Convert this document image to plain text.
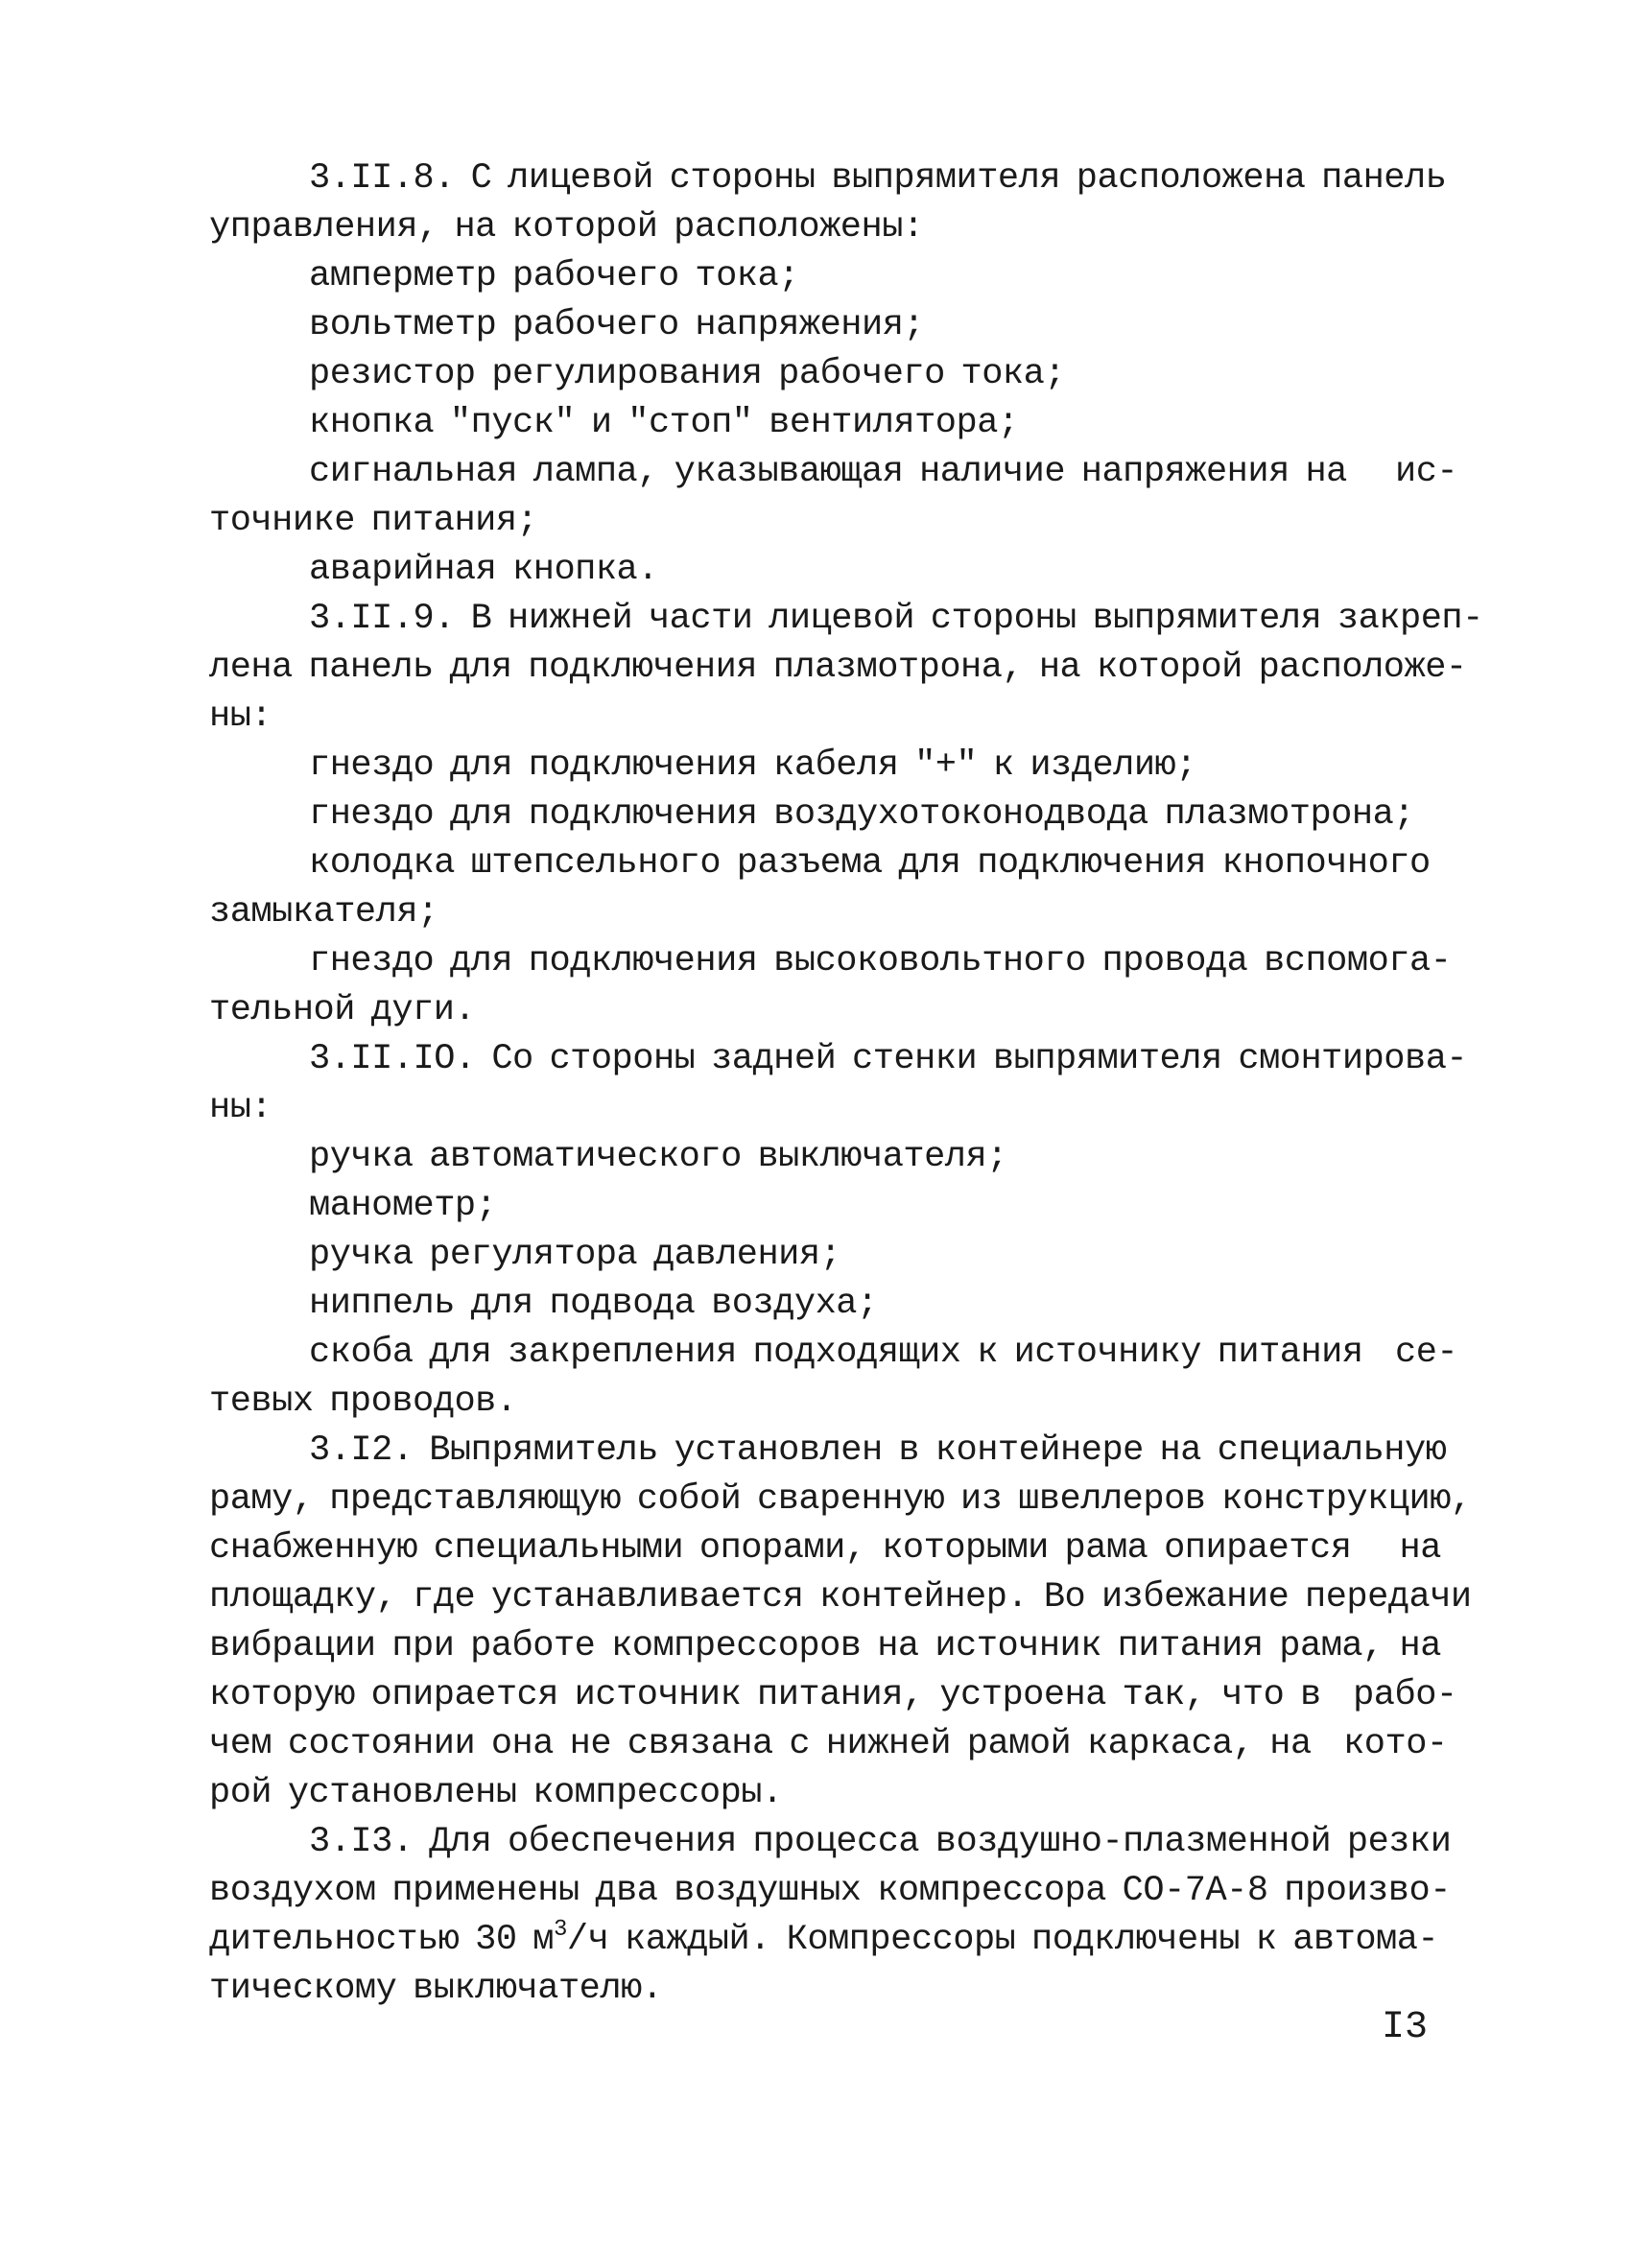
3.II.8. С лицевой стороны выпрямителя расположена панель
управления, на которой расположены:
амперметр рабочего тока;
вольтметр рабочего напряжения;
резистор регулирования рабочего тока;
кнопка "пуск" и "стоп" вентилятора;
сигнальная лампа, указывающая наличие напряжения на   ис-
точнике питания;
аварийная кнопка.
3.II.9. В нижней части лицевой стороны выпрямителя закреп-
лена панель для подключения плазмотрона, на которой расположе-
ны:
гнездо для подключения кабеля "+" к изделию;
гнездо для подключения воздухотоконодвода плазмотрона;
колодка штепсельного разъема для подключения кнопочного
замыкателя;
гнездо для подключения высоковольтного провода вспомога-
тельной дуги.
3.II.IO. Со стороны задней стенки выпрямителя смонтирова-
ны:
ручка автоматического выключателя;
манометр;
ручка регулятора давления;
ниппель для подвода воздуха;
скоба для закрепления подходящих к источнику питания  се-
тевых проводов.
3.I2. Выпрямитель установлен в контейнере на специальную
раму, представляющую собой сваренную из швеллеров конструкцию,
снабженную специальными опорами, которыми рама опирается   на
площадку, где устанавливается контейнер. Во избежание передачи
вибрации при работе компрессоров на источник питания рама, на
которую опирается источник питания, устроена так, что в  рабо-
чем состоянии она не связана с нижней рамой каркаса, на  кото-
рой установлены компрессоры.
3.I3. Для обеспечения процесса воздушно-плазменной резки
воздухом применены два воздушных компрессора СО-7А-8 произво-
дительностью 30 $м^3/ч$ каждый. Компрессоры подключены к автома-
тическому выключателю.
I3
